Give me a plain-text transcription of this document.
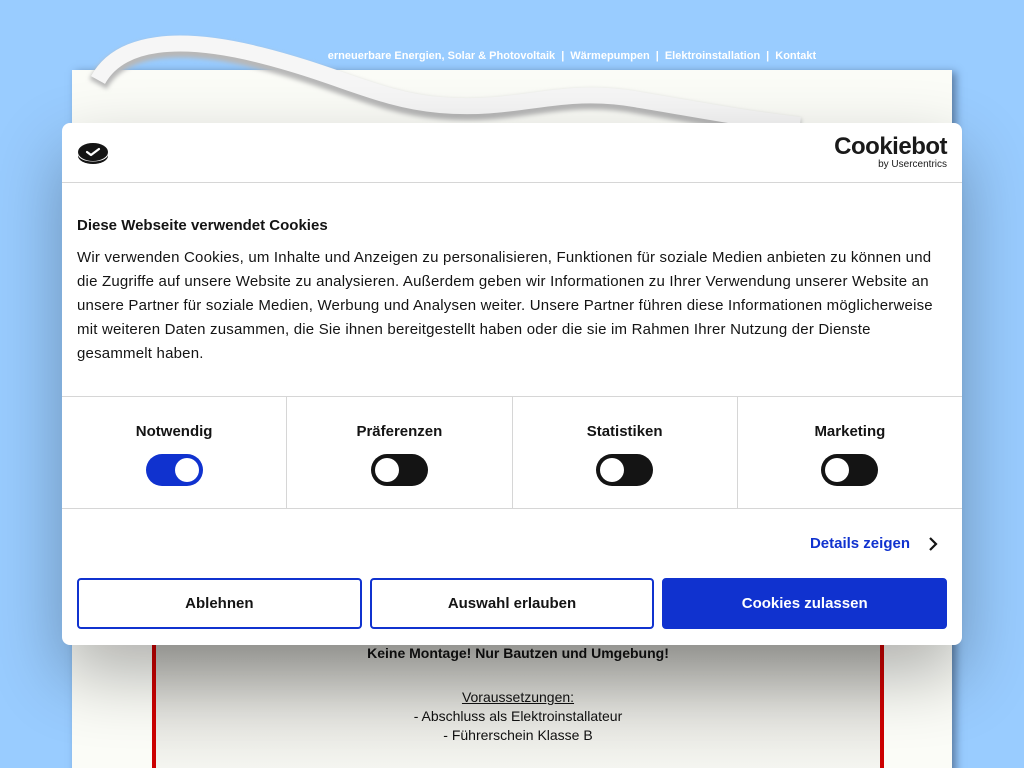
erneuerbare Energien, Solar & Photovoltaik | Wärmepumpen | Elektroinstallation | Kontakt
Keine Montage! Nur Bautzen und Umgebung!
Voraussetzungen:
- Abschluss als Elektroinstallateur
- Führerschein Klasse B
Cookiebot
by Usercentrics
Diese Webseite verwendet Cookies
Wir verwenden Cookies, um Inhalte und Anzeigen zu personalisieren, Funktionen für soziale Medien anbieten zu können und die Zugriffe auf unsere Website zu analysieren. Außerdem geben wir Informationen zu Ihrer Verwendung unserer Website an unsere Partner für soziale Medien, Werbung und Analysen weiter. Unsere Partner führen diese Informationen möglicherweise mit weiteren Daten zusammen, die Sie ihnen bereitgestellt haben oder die sie im Rahmen Ihrer Nutzung der Dienste gesammelt haben.
Notwendig	Präferenzen	Statistiken	Marketing
Details zeigen
Ablehnen	Auswahl erlauben	Cookies zulassen
